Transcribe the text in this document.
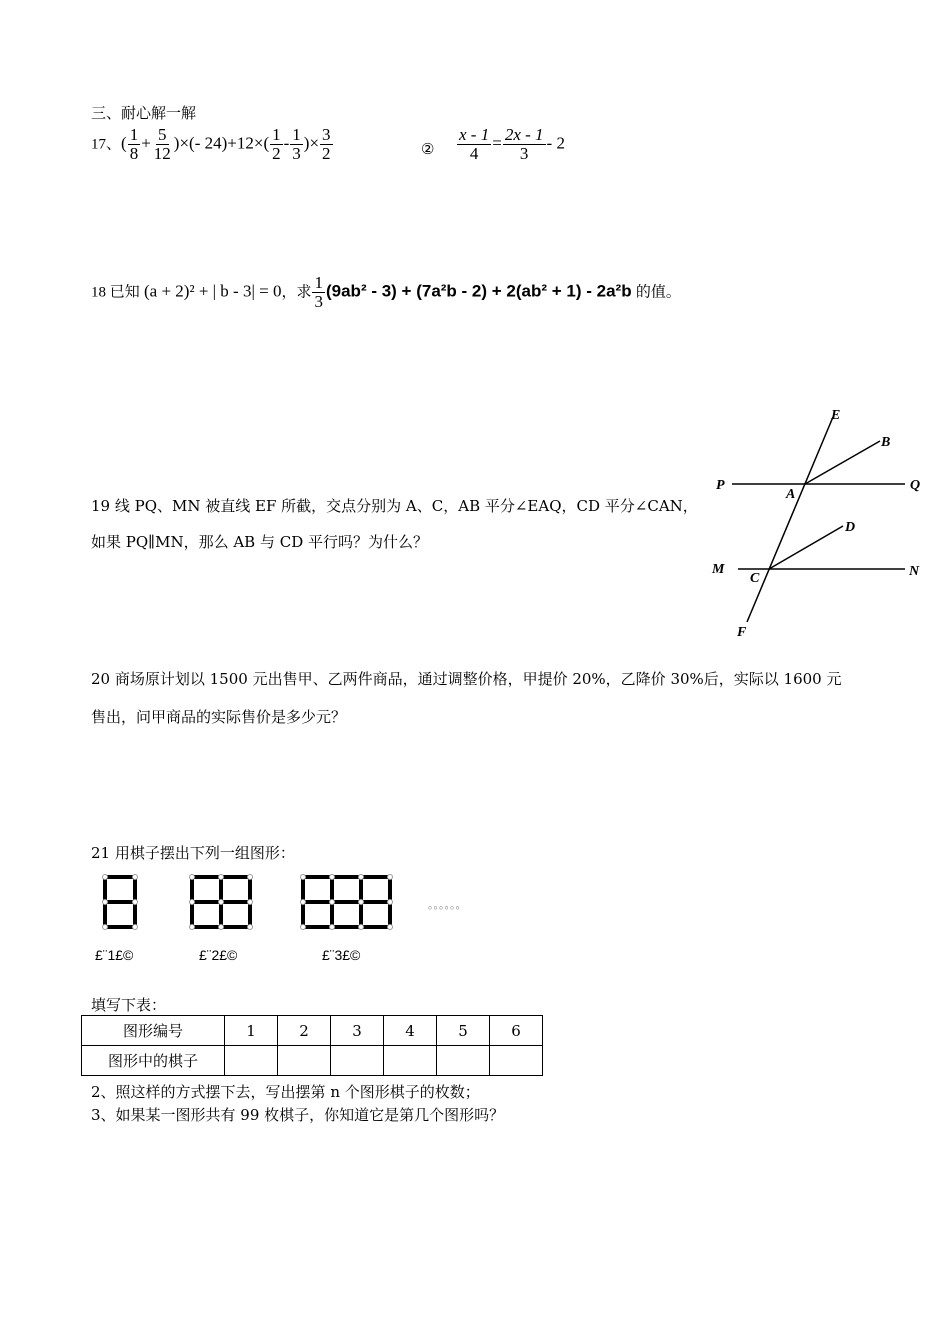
三、耐心解一解
17、( $\frac{1}{8} + \frac{5}{12}$ )×(- $24)+12\times( \frac{1}{2} - \frac{1}{3}$ )× $\frac{3}{2}$	② $\frac{x - 1}{4} = \frac{2x - 1}{3} - 2$
18 已知 (a + 2)² + | b - 3| = 0，求 $\frac{1}{3} (9ab^2 - 3) + (7a^2b - 2) + 2(ab^2 + 1) - 2a^2b$ 的值。
19 线 PQ、MN 被直线 EF 所截，交点分别为 A、C，AB 平分∠EAQ，CD 平分∠CAN，
如果 PQ∥MN，那么 AB 与 CD 平行吗？为什么？
E
B
P
A
Q
D
M
C	N
F
20 商场原计划以 1500 元出售甲、乙两件商品，通过调整价格，甲提价 20%，乙降价 30%后，实际以 1600 元
售出，问甲商品的实际售价是多少元？
21 用棋子摆出下列一组图形：
。。。。。。
£¨1£©	£¨2£©	£¨3£©
填写下表：
图形编号	1	2	3	4	5	6
图形中的棋子						
2、照这样的方式摆下去，写出摆第 n 个图形棋子的枚数；
3、如果某一图形共有 99 枚棋子，你知道它是第几个图形吗？
